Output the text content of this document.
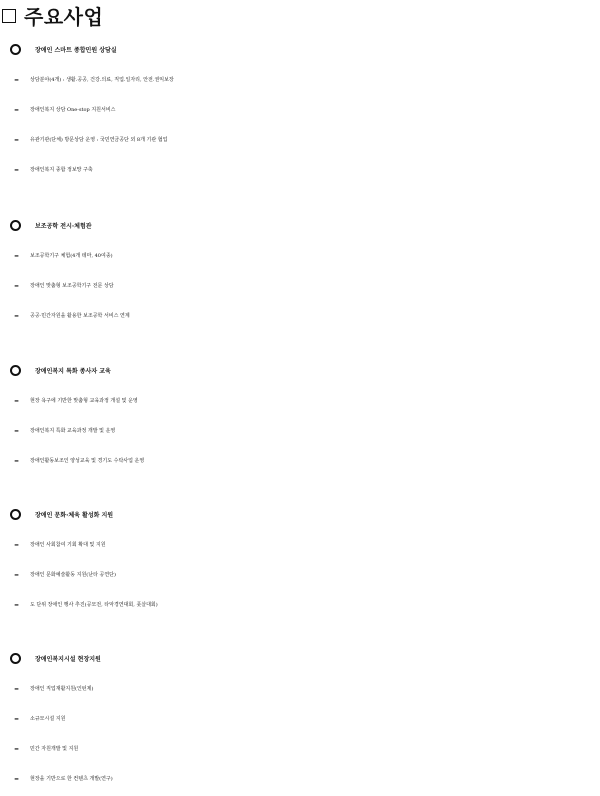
주요사업
장애인 스마트 종합민원 상담실
-	상담분야(4개) : 생활.공공, 건강.의료, 직업.일자리, 안전.권익보장
-	장애인복지 상담 One-stop 지원서비스
-	유관기관(단체) 방문상담 운영 : 국민연금공단 외 8개 기관 협업
-	장애인복지 종합 정보망 구축
보조공학 전시·체험관
-	보조공학기구 체험(4개 테마, 40여종)
-	장애인 맞춤형 보조공학기구 전문 상담
-	공공·민간자원을 활용한 보조공학 서비스 연계
장애인복지 특화 종사자 교육
-	현장 욕구에 기반한 맞춤형 교육과정 개설 및 운영
-	장애인복지 특화 교육과정 개발 및 운영
-	장애인활동보조인 양성교육 및 경기도 수탁사업 운영
장애인 문화·체육 활성화 지원
-	장애인 사회참여 기회 확대 및 지원
-	장애인 문화예술활동 지원(난타 공연단)
-	도 단위 장애인 행사 추진(공모전, 타악경연대회, 풋살대회)
장애인복지시설 현장지원
-	장애인 직업재활지원(인턴제)
-	소규모시설 지원
-	민간 자원개발 및 지원
-	현장을 기반으로 한 컨텐츠 개발(연구)
